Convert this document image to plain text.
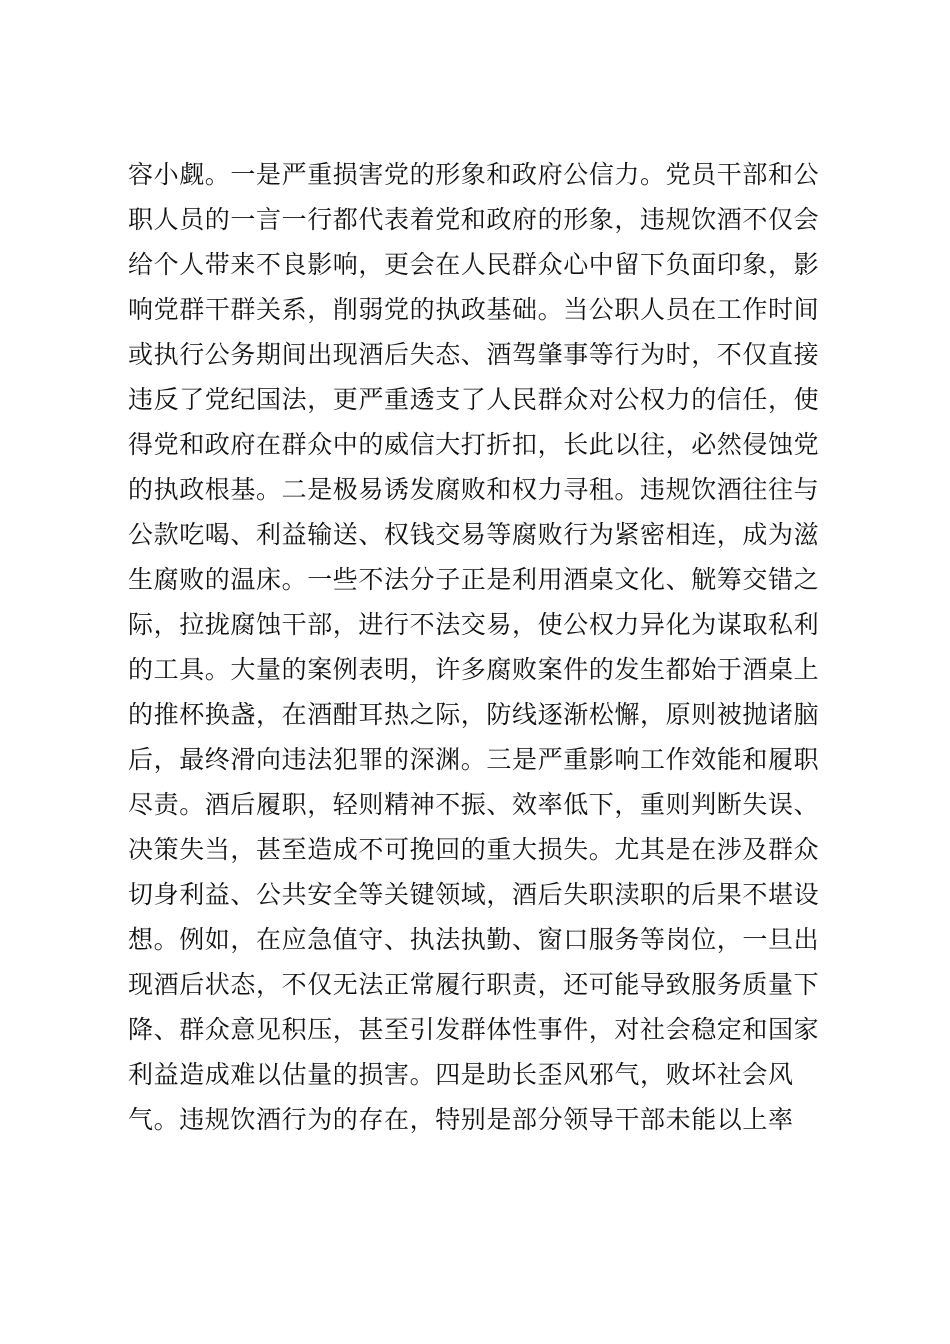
容小觑。一是严重损害党的形象和政府公信力。党员干部和公
职人员的一言一行都代表着党和政府的形象，违规饮酒不仅会
给个人带来不良影响，更会在人民群众心中留下负面印象，影
响党群干群关系，削弱党的执政基础。当公职人员在工作时间
或执行公务期间出现酒后失态、酒驾肇事等行为时，不仅直接
违反了党纪国法，更严重透支了人民群众对公权力的信任，使
得党和政府在群众中的威信大打折扣，长此以往，必然侵蚀党
的执政根基。二是极易诱发腐败和权力寻租。违规饮酒往往与
公款吃喝、利益输送、权钱交易等腐败行为紧密相连，成为滋
生腐败的温床。一些不法分子正是利用酒桌文化、觥筹交错之
际，拉拢腐蚀干部，进行不法交易，使公权力异化为谋取私利
的工具。大量的案例表明，许多腐败案件的发生都始于酒桌上
的推杯换盏，在酒酣耳热之际，防线逐渐松懈，原则被抛诸脑
后，最终滑向违法犯罪的深渊。三是严重影响工作效能和履职
尽责。酒后履职，轻则精神不振、效率低下，重则判断失误、
决策失当，甚至造成不可挽回的重大损失。尤其是在涉及群众
切身利益、公共安全等关键领域，酒后失职渎职的后果不堪设
想。例如，在应急值守、执法执勤、窗口服务等岗位，一旦出
现酒后状态，不仅无法正常履行职责，还可能导致服务质量下
降、群众意见积压，甚至引发群体性事件，对社会稳定和国家
利益造成难以估量的损害。四是助长歪风邪气，败坏社会风
气。违规饮酒行为的存在，特别是部分领导干部未能以上率
